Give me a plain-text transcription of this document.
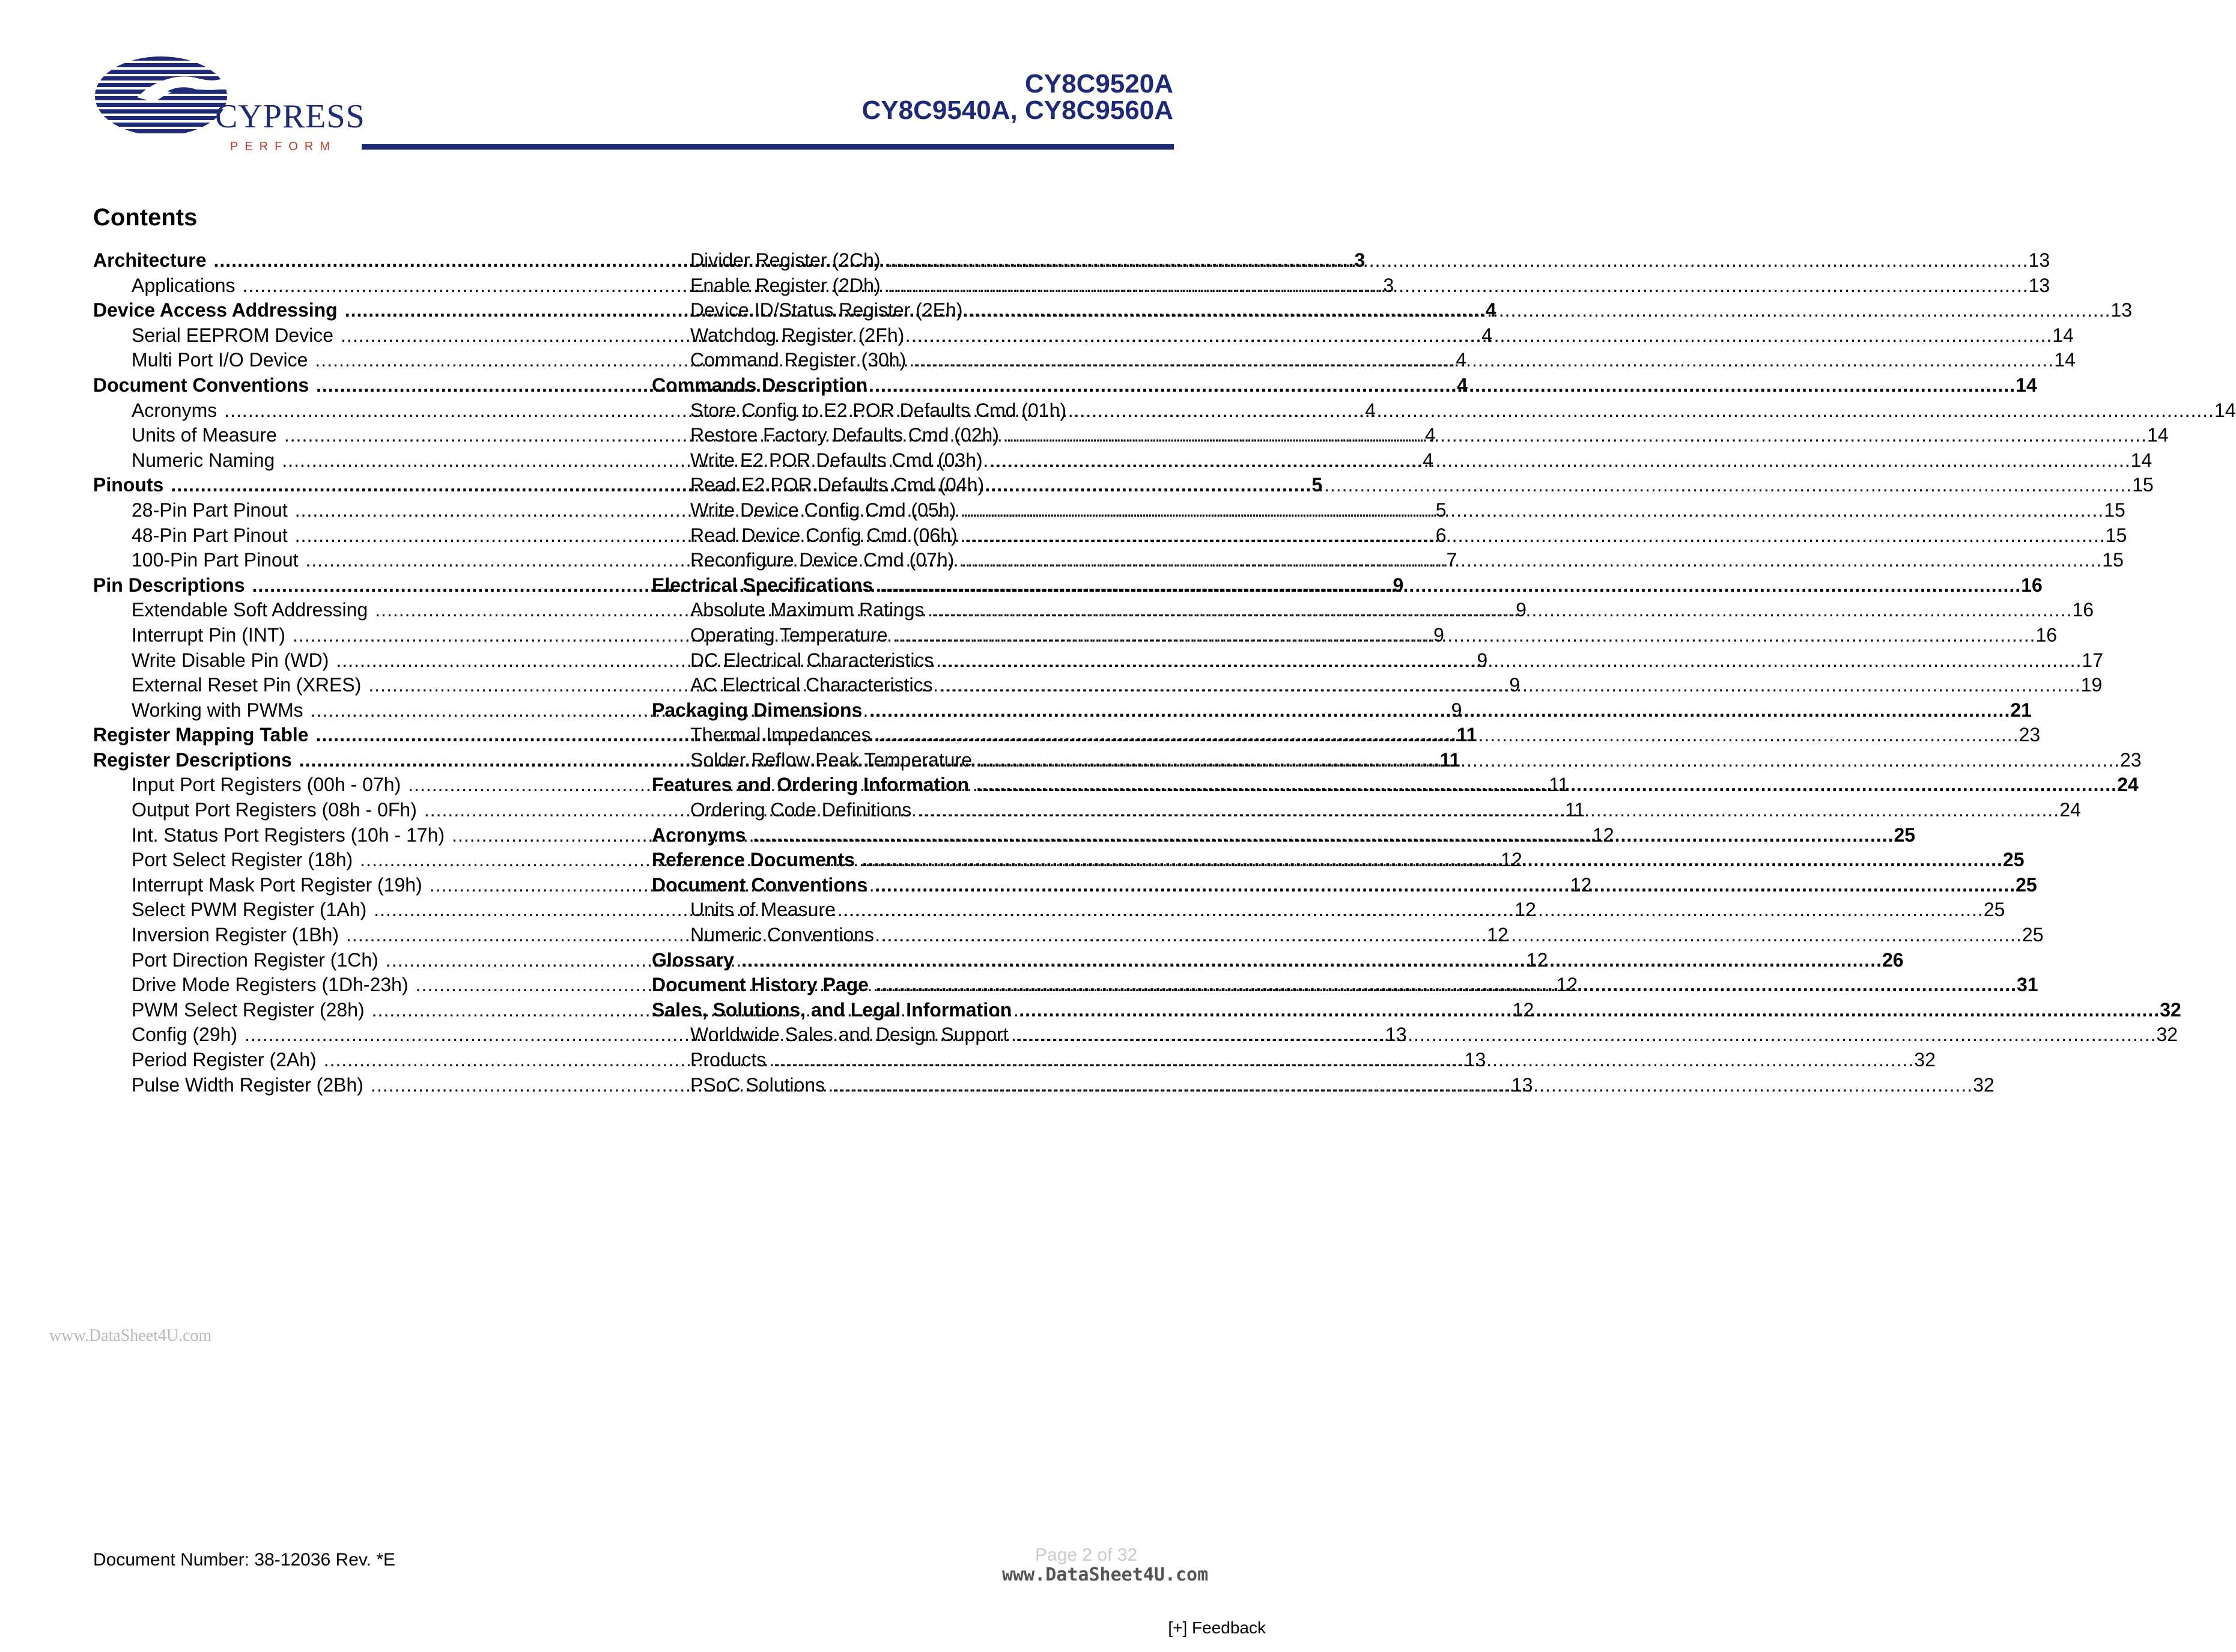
CYPRESS
PERFORM
CY8C9520A
CY8C9540A, CY8C9560A
Contents
Architecture .....	3
Applications .....	3
Device Access Addressing .....	4
Serial EEPROM Device .....	4
Multi Port I/O Device .....	4
Document Conventions .....	4
Acronyms .....	4
Units of Measure .....	4
Numeric Naming .....	4
Pinouts .....	5
28-Pin Part Pinout .....	5
48-Pin Part Pinout .....	6
100-Pin Part Pinout .....	7
Pin Descriptions .....	9
Extendable Soft Addressing .....	9
Interrupt Pin (INT) .....	9
Write Disable Pin (WD) .....	9
External Reset Pin (XRES) .....	9
Working with PWMs .....	9
Register Mapping Table .....	11
Register Descriptions .....	11
Input Port Registers (00h - 07h) .....	11
Output Port Registers (08h - 0Fh) .....	11
Int. Status Port Registers (10h - 17h) .....	12
Port Select Register (18h) .....	12
Interrupt Mask Port Register (19h) .....	12
Select PWM Register (1Ah) .....	12
Inversion Register (1Bh) .....	12
Port Direction Register (1Ch) .....	12
Drive Mode Registers (1Dh-23h) .....	12
PWM Select Register (28h) .....	12
Config (29h) .....	13
Period Register (2Ah) .....	13
Pulse Width Register (2Bh) .....	13
Divider Register (2Ch) .....	13
Enable Register (2Dh) .....	13
Device ID/Status Register (2Eh) .....	13
Watchdog Register (2Fh) .....	14
Command Register (30h) .....	14
Commands Description .....	14
Store Config to E2 POR Defaults Cmd (01h) .....	14
Restore Factory Defaults Cmd (02h) .....	14
Write E2 POR Defaults Cmd (03h) .....	14
Read E2 POR Defaults Cmd (04h) .....	15
Write Device Config Cmd (05h) .....	15
Read Device Config Cmd (06h) .....	15
Reconfigure Device Cmd (07h) .....	15
Electrical Specifications .....	16
Absolute Maximum Ratings .....	16
Operating Temperature .....	16
DC Electrical Characteristics .....	17
AC Electrical Characteristics .....	19
Packaging Dimensions .....	21
Thermal Impedances .....	23
Solder Reflow Peak Temperature .....	23
Features and Ordering Information .....	24
Ordering Code Definitions .....	24
Acronyms .....	25
Reference Documents .....	25
Document Conventions .....	25
Units of Measure .....	25
Numeric Conventions .....	25
Glossary .....	26
Document History Page .....	31
Sales, Solutions, and Legal Information .....	32
Worldwide Sales and Design Support .....	32
Products .....	32
PSoC Solutions .....	32
www.DataSheet4U.com
Document Number: 38-12036 Rev. *E	Page 2 of 32
www.DataSheet4U.com
[+] Feedback
